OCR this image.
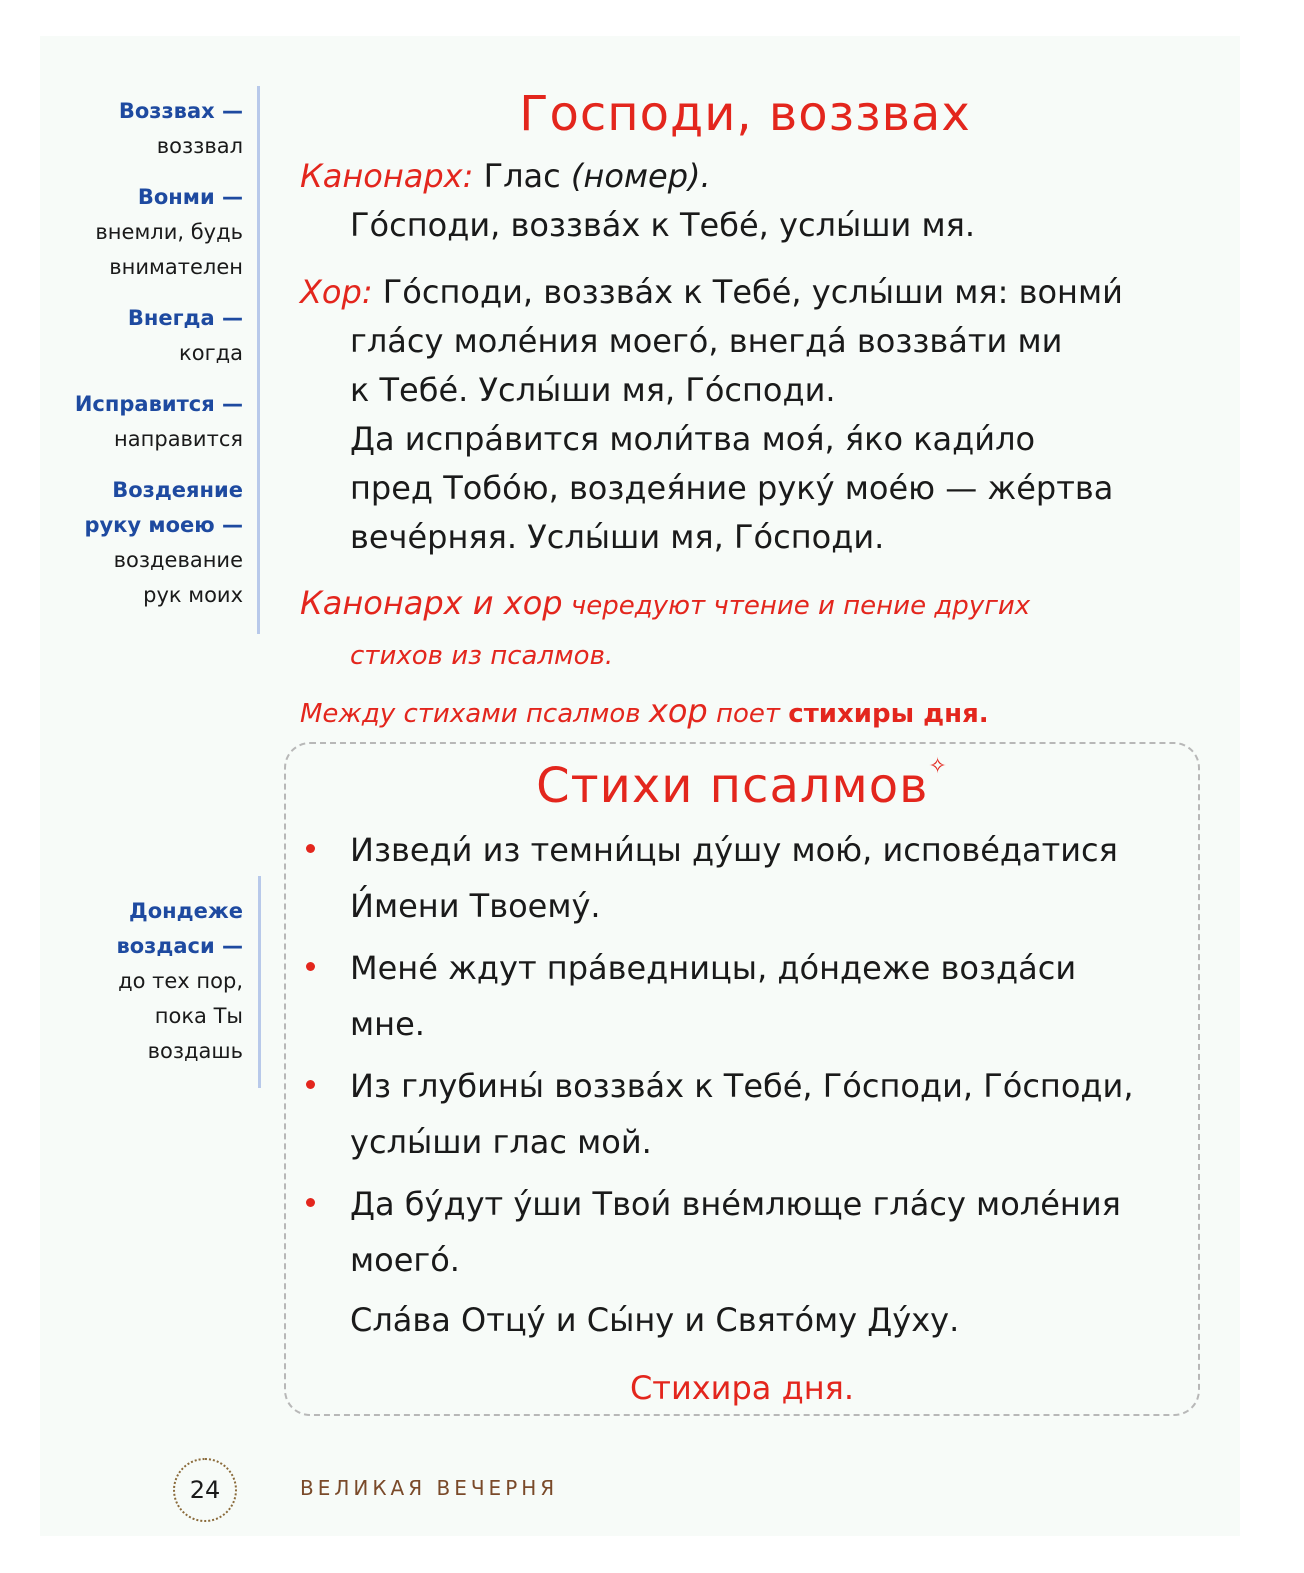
Воззвах —
воззвал
Вонми —
внемли, будь
внимателен
Внегда —
когда
Исправится —
направится
Воздеяние
руку моею —
воздевание
рук моих
Дондеже
воздаси —
до тех пор,
пока Ты
воздашь
Господи, воззвах
Канонарх: Глас (номер).
Го́споди, воззва́х к Тебе́, услы́ши мя.
Хор: Го́споди, воззва́х к Тебе́, услы́ши мя: вонми́
гла́су моле́ния моего́, внегда́ воззва́ти ми
к Тебе́. Услы́ши мя, Го́споди.
Да испра́вится моли́тва моя́, я́ко кади́ло
пред Тобо́ю, воздея́ние руку́ мое́ю — же́ртва
вече́рняя. Услы́ши мя, Го́споди.
Канонарх и хор чередуют чтение и пение других
стихов из псалмов.
Между стихами псалмов хор поет стихиры дня.
Стихи псалмов✧
Изведи́ из темни́цы ду́шу мою́, испове́датися
И́мени Твоему́.
Мене́ ждут пра́ведницы, до́ндеже возда́си
мне.
Из глубины́ воззва́х к Тебе́, Го́споди, Го́споди,
услы́ши глас мой.
Да бу́дут у́ши Твои́ вне́млюще гла́су моле́ния
моего́.
Сла́ва Отцу́ и Сы́ну и Свято́му Ду́ху.
Стихира дня.
24	ВЕЛИКАЯ ВЕЧЕРНЯ
